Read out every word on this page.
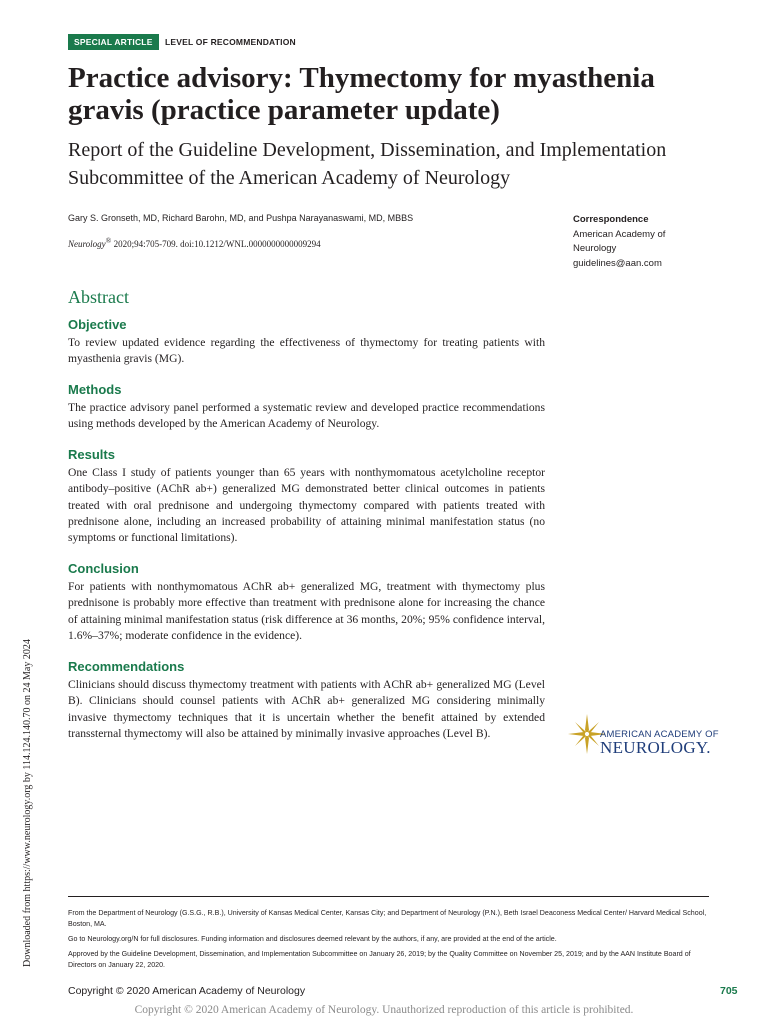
SPECIAL ARTICLE	LEVEL OF RECOMMENDATION
Practice advisory: Thymectomy for myasthenia gravis (practice parameter update)
Report of the Guideline Development, Dissemination, and Implementation Subcommittee of the American Academy of Neurology
Gary S. Gronseth, MD, Richard Barohn, MD, and Pushpa Narayanaswami, MD, MBBS
Neurology® 2020;94:705-709. doi:10.1212/WNL.0000000000009294
Correspondence
American Academy of
Neurology
guidelines@aan.com
Abstract
Objective

To review updated evidence regarding the effectiveness of thymectomy for treating patients with myasthenia gravis (MG).

Methods

The practice advisory panel performed a systematic review and developed practice recommendations using methods developed by the American Academy of Neurology.

Results

One Class I study of patients younger than 65 years with nonthymomatous acetylcholine receptor antibody–positive (AChR ab+) generalized MG demonstrated better clinical outcomes in patients treated with oral prednisone and undergoing thymectomy compared with patients treated with prednisone alone, including an increased probability of attaining minimal manifestation status (no symptoms or functional limitations).

Conclusion

For patients with nonthymomatous AChR ab+ generalized MG, treatment with thymectomy plus prednisone is probably more effective than treatment with prednisone alone for increasing the chance of attaining minimal manifestation status (risk difference at 36 months, 20%; 95% confidence interval, 1.6%–37%; moderate confidence in the evidence).

Recommendations

Clinicians should discuss thymectomy treatment with patients with AChR ab+ generalized MG (Level B). Clinicians should counsel patients with AChR ab+ generalized MG considering minimally invasive thymectomy techniques that it is uncertain whether the benefit attained by extended transsternal thymectomy will also be attained by minimally invasive approaches (Level B).

Downloaded from https://www.neurology.org by 114.124.140.70 on 24 May 2024	AMERICAN ACADEMY OF
NEUROLOGY.
From the Department of Neurology (G.S.G., R.B.), University of Kansas Medical Center, Kansas City; and Department of Neurology (P.N.), Beth Israel Deaconess Medical Center/ Harvard Medical School, Boston, MA.
Go to Neurology.org/N for full disclosures. Funding information and disclosures deemed relevant by the authors, if any, are provided at the end of the article.
Approved by the Guideline Development, Dissemination, and Implementation Subcommittee on January 26, 2019; by the Quality Committee on November 25, 2019; and by the AAN Institute Board of Directors on January 22, 2020.
Copyright © 2020 American Academy of Neurology	705
Copyright © 2020 American Academy of Neurology. Unauthorized reproduction of this article is prohibited.
